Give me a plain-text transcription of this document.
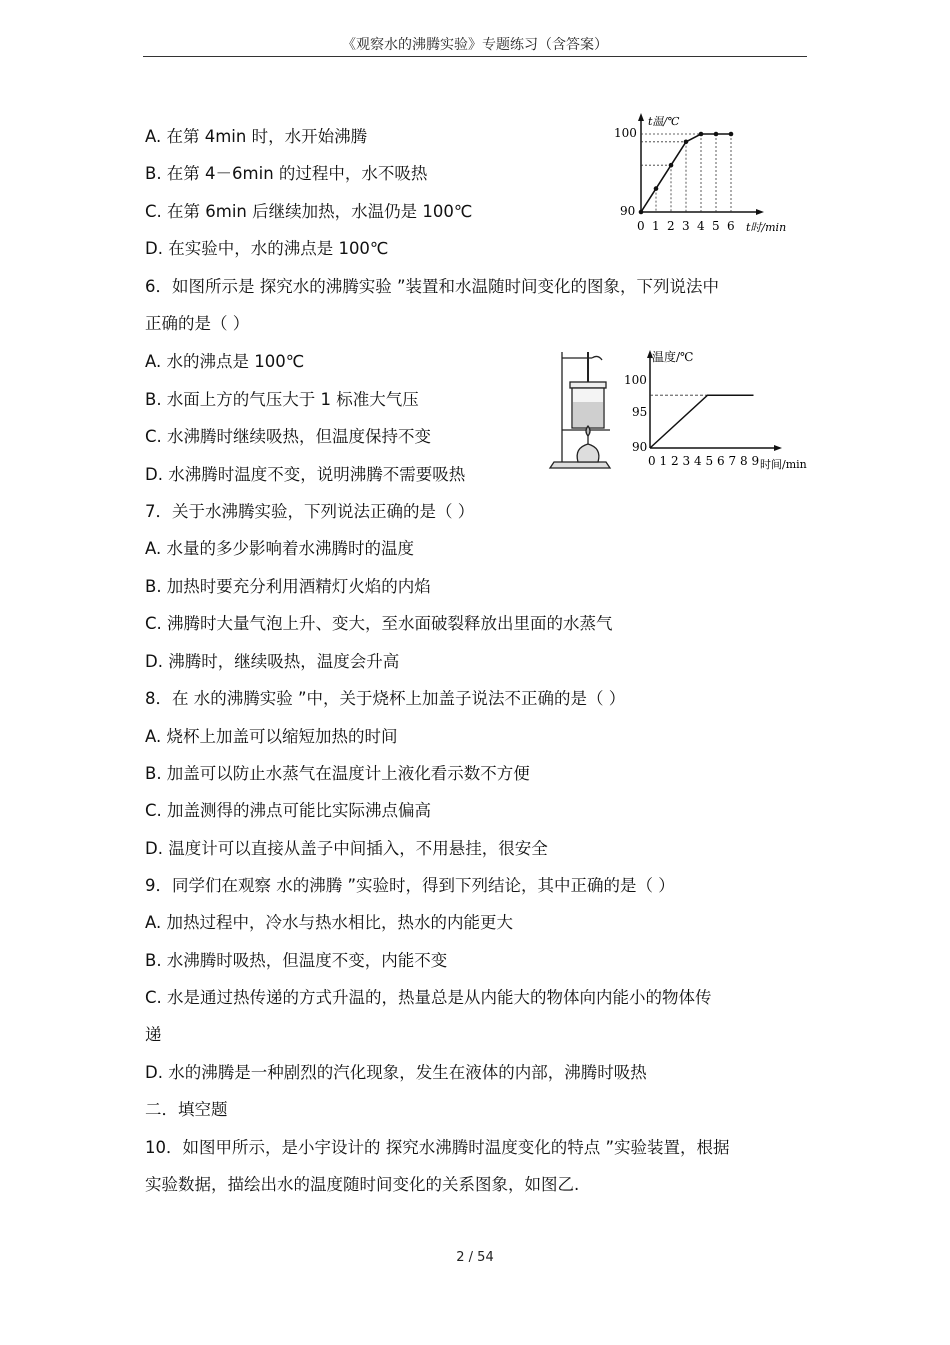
《观察水的沸腾实验》专题练习（含答案）
A. 在第 4min 时，水开始沸腾
B. 在第 4－6min 的过程中，水不吸热
C. 在第 6min 后继续加热，水温仍是 100℃
D. 在实验中，水的沸点是 100℃
6．如图所示是 探究水的沸腾实验 ”装置和水温随时间变化的图象，下列说法中
正确的是（ ）
A. 水的沸点是 100℃
B. 水面上方的气压大于 1 标准大气压
C. 水沸腾时继续吸热，但温度保持不变
D. 水沸腾时温度不变，说明沸腾不需要吸热
7．关于水沸腾实验，下列说法正确的是（ ）
A. 水量的多少影响着水沸腾时的温度
B. 加热时要充分利用酒精灯火焰的内焰
C. 沸腾时大量气泡上升、变大，至水面破裂释放出里面的水蒸气
D. 沸腾时，继续吸热，温度会升高
8．在 水的沸腾实验 ”中，关于烧杯上加盖子说法不正确的是（ ）
A. 烧杯上加盖可以缩短加热的时间
B. 加盖可以防止水蒸气在温度计上液化看示数不方便
C. 加盖测得的沸点可能比实际沸点偏高
D. 温度计可以直接从盖子中间插入，不用悬挂，很安全
9．同学们在观察 水的沸腾 ”实验时，得到下列结论，其中正确的是（ ）
A. 加热过程中，冷水与热水相比，热水的内能更大
B. 水沸腾时吸热，但温度不变，内能不变
C. 水是通过热传递的方式升温的，热量总是从内能大的物体向内能小的物体传
递
D. 水的沸腾是一种剧烈的汽化现象，发生在液体的内部，沸腾时吸热
二．填空题
10．如图甲所示，是小宇设计的 探究水沸腾时温度变化的特点 ”实验装置，根据
实验数据，描绘出水的温度随时间变化的关系图象，如图乙.
t温/℃
t时/min
100
90
0 1 2 3 4 5 6
温度/℃
时间/min
100
95
90
0 1 2 3 4 5 6 7 8 9
2 / 54
